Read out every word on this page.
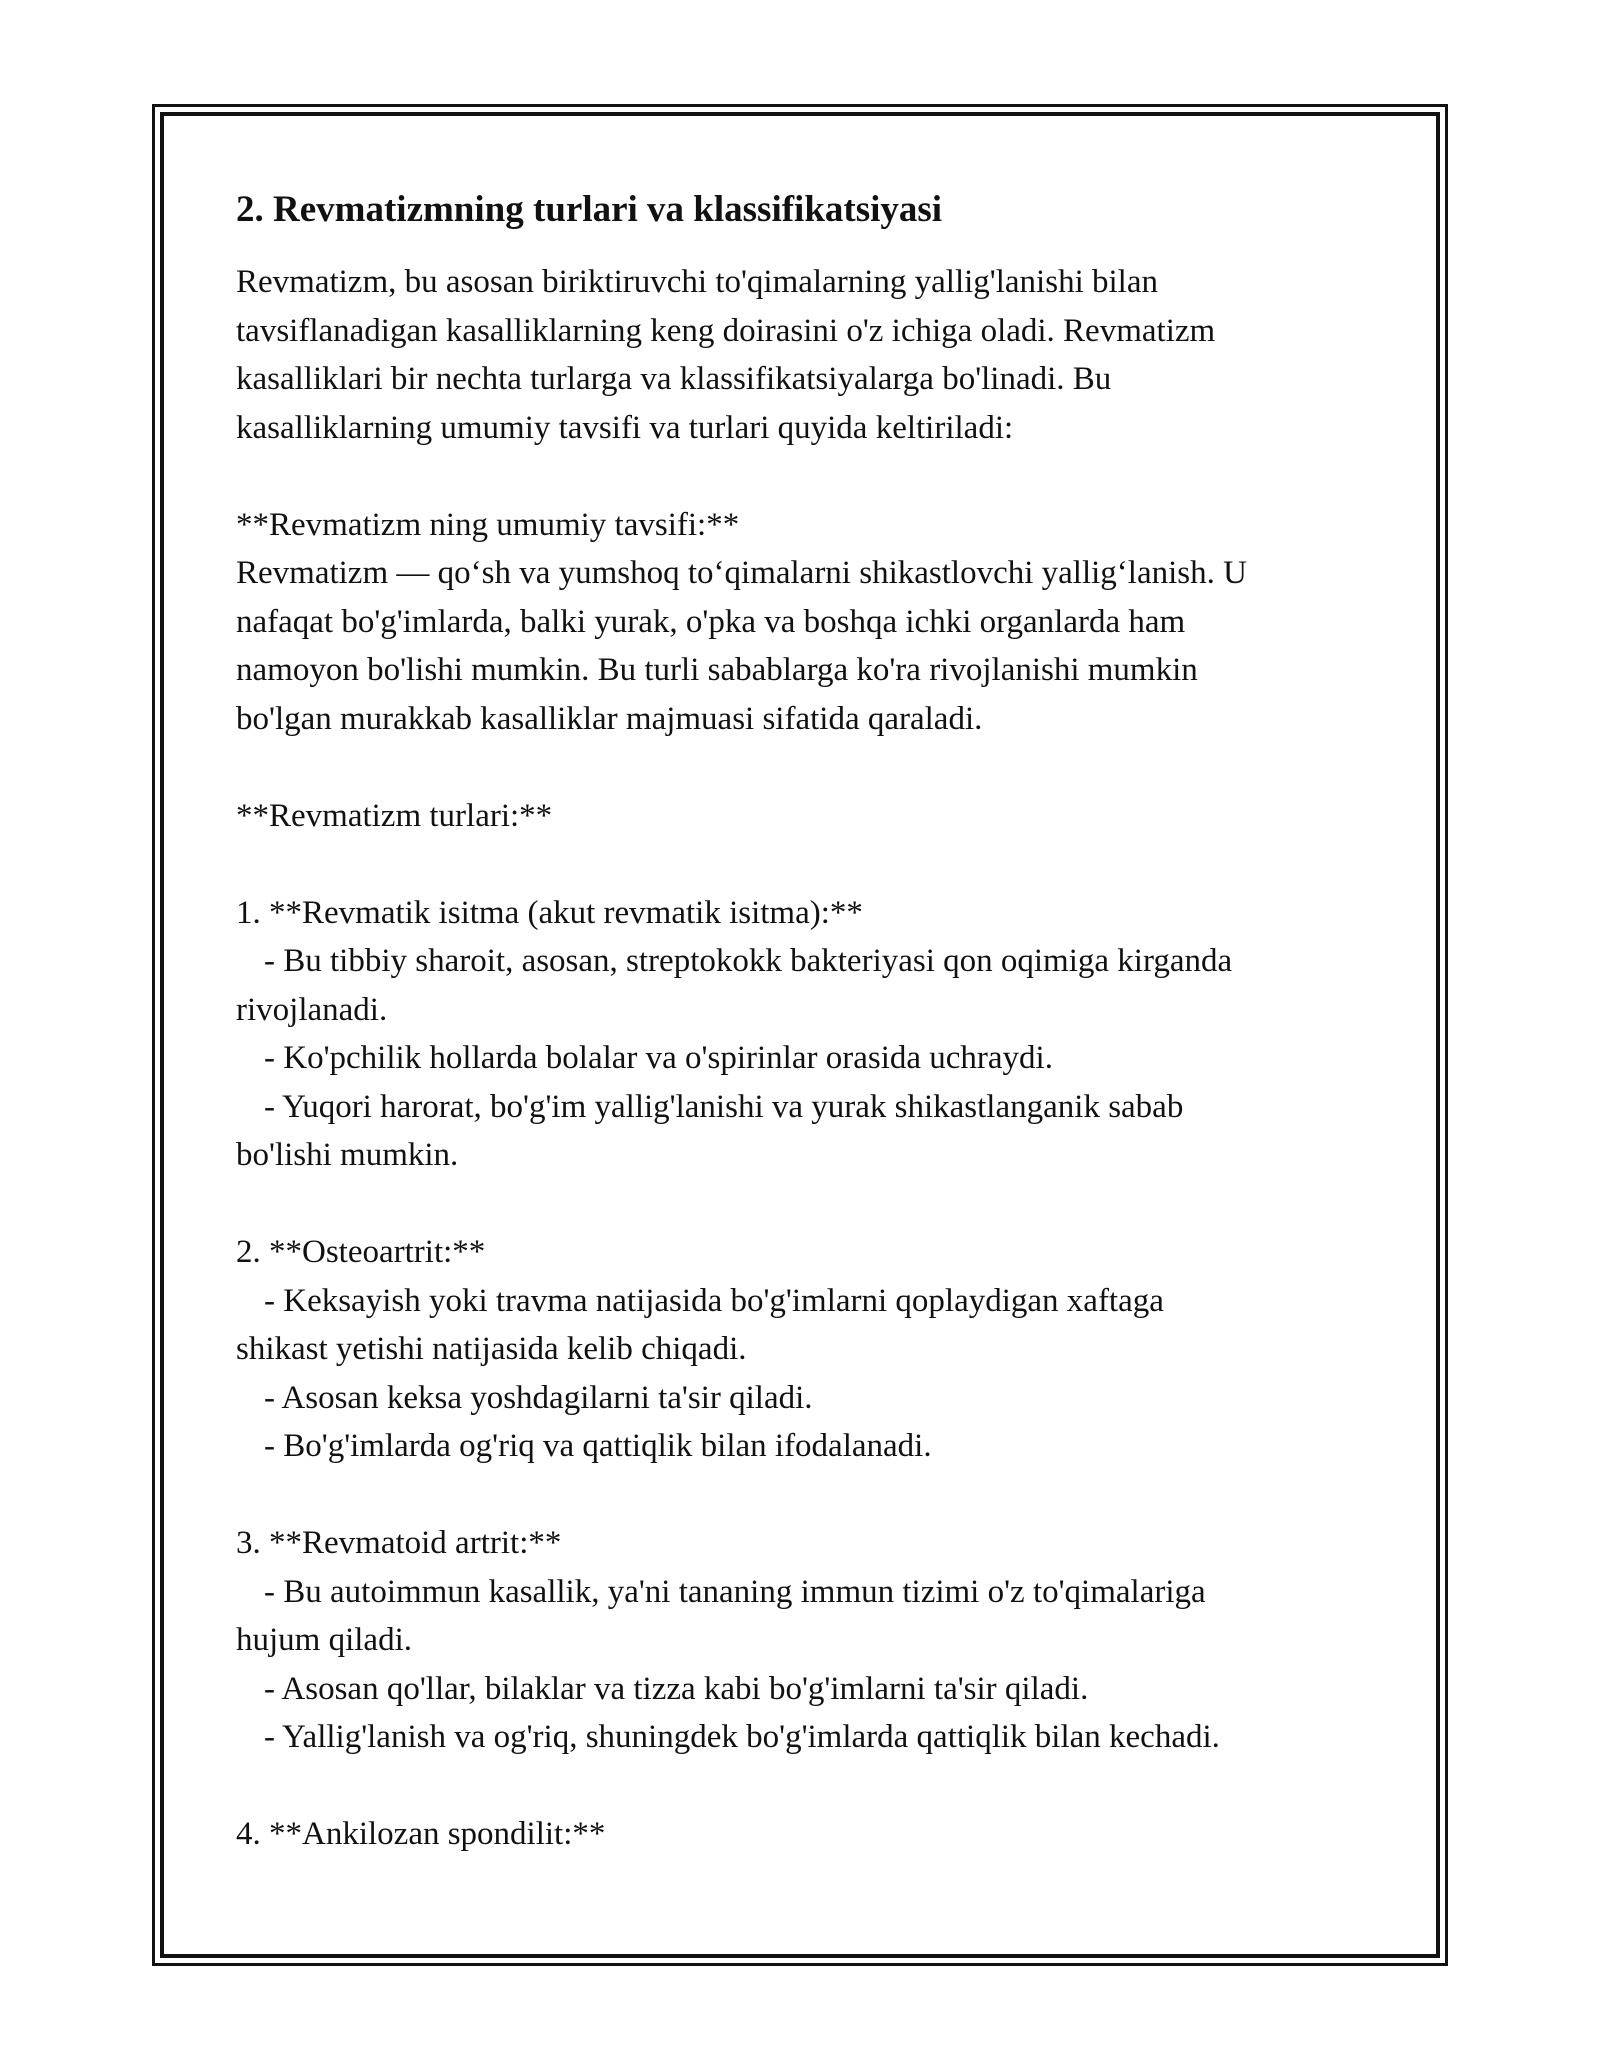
2. Revmatizmning turlari va klassifikatsiyasi
Revmatizm, bu asosan biriktiruvchi to'qimalarning yallig'lanishi bilan
tavsiflanadigan kasalliklarning keng doirasini o'z ichiga oladi. Revmatizm
kasalliklari bir nechta turlarga va klassifikatsiyalarga bo'linadi. Bu
kasalliklarning umumiy tavsifi va turlari quyida keltiriladi:
**Revmatizm ning umumiy tavsifi:**
Revmatizm — qo‘sh va yumshoq to‘qimalarni shikastlovchi yallig‘lanish. U
nafaqat bo'g'imlarda, balki yurak, o'pka va boshqa ichki organlarda ham
namoyon bo'lishi mumkin. Bu turli sabablarga ko'ra rivojlanishi mumkin
bo'lgan murakkab kasalliklar majmuasi sifatida qaraladi.
**Revmatizm turlari:**
1. **Revmatik isitma (akut revmatik isitma):**
- Bu tibbiy sharoit, asosan, streptokokk bakteriyasi qon oqimiga kirganda
rivojlanadi.
- Ko'pchilik hollarda bolalar va o'spirinlar orasida uchraydi.
- Yuqori harorat, bo'g'im yallig'lanishi va yurak shikastlanganik sabab
bo'lishi mumkin.
2. **Osteoartrit:**
- Keksayish yoki travma natijasida bo'g'imlarni qoplaydigan xaftaga
shikast yetishi natijasida kelib chiqadi.
- Asosan keksa yoshdagilarni ta'sir qiladi.
- Bo'g'imlarda og'riq va qattiqlik bilan ifodalanadi.
3. **Revmatoid artrit:**
- Bu autoimmun kasallik, ya'ni tananing immun tizimi o'z to'qimalariga
hujum qiladi.
- Asosan qo'llar, bilaklar va tizza kabi bo'g'imlarni ta'sir qiladi.
- Yallig'lanish va og'riq, shuningdek bo'g'imlarda qattiqlik bilan kechadi.
4. **Ankilozan spondilit:**
